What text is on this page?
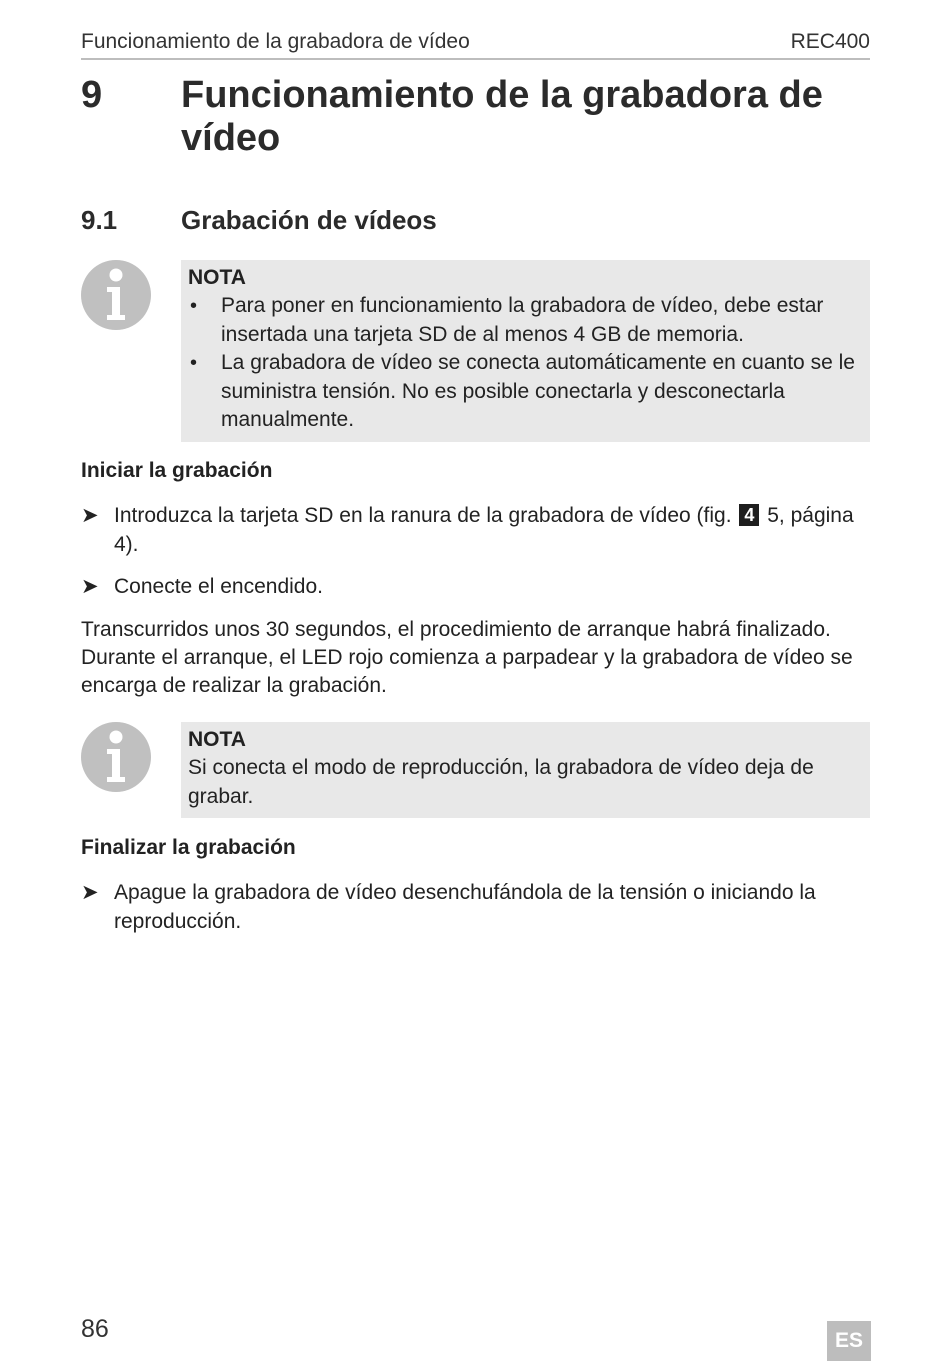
Funcionamiento de la grabadora de vídeo	REC400
9 Funcionamiento de la grabadora de vídeo
9.1 Grabación de vídeos
NOTA
• Para poner en funcionamiento la grabadora de vídeo, debe estar insertada una tarjeta SD de al menos 4 GB de memoria.
• La grabadora de vídeo se conecta automáticamente en cuanto se le suministra tensión. No es posible conectarla y desconectarla manualmente.
Iniciar la grabación
➤ Introduzca la tarjeta SD en la ranura de la grabadora de vídeo (fig. 4 5, página 4).
➤ Conecte el encendido.
Transcurridos unos 30 segundos, el procedimiento de arranque habrá finalizado. Durante el arranque, el LED rojo comienza a parpadear y la grabadora de vídeo se encarga de realizar la grabación.
NOTA
Si conecta el modo de reproducción, la grabadora de vídeo deja de grabar.
Finalizar la grabación
➤ Apague la grabadora de vídeo desenchufándola de la tensión o iniciando la reproducción.
86	ES
